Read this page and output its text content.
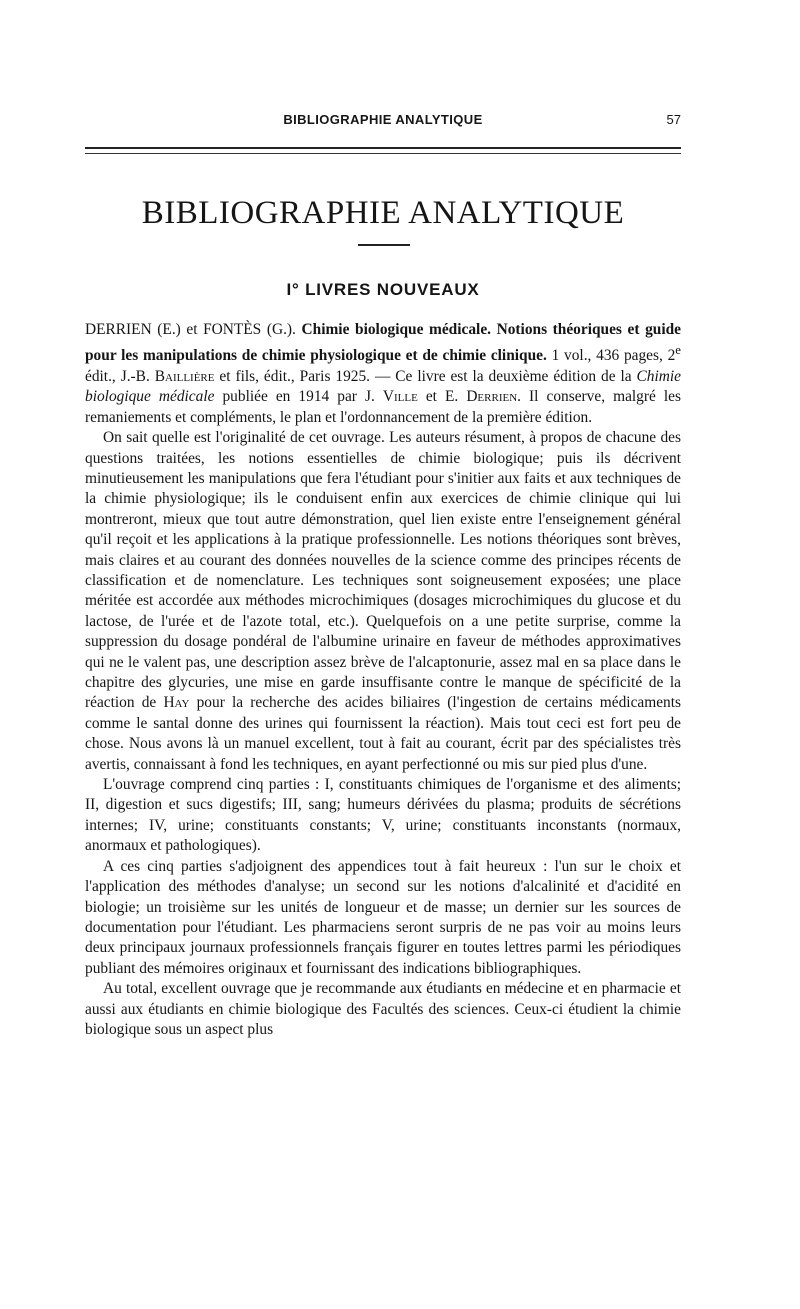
BIBLIOGRAPHIE ANALYTIQUE	57
BIBLIOGRAPHIE ANALYTIQUE
I° LIVRES NOUVEAUX

DERRIEN (E.) et FONTÈS (G.). Chimie biologique médicale. Notions théoriques et guide pour les manipulations de chimie physiologique et de chimie clinique. 1 vol., 436 pages, 2e édit., J.-B. Baillière et fils, édit., Paris 1925. — Ce livre est la deuxième édition de la Chimie biologique médicale publiée en 1914 par J. Ville et E. Derrien. Il conserve, malgré les remaniements et compléments, le plan et l'ordonnancement de la première édition.

On sait quelle est l'originalité de cet ouvrage. Les auteurs résument, à propos de chacune des questions traitées, les notions essentielles de chimie biologique; puis ils décrivent minutieusement les manipulations que fera l'étudiant pour s'initier aux faits et aux techniques de la chimie physiologique; ils le conduisent enfin aux exercices de chimie clinique qui lui montreront, mieux que tout autre démonstration, quel lien existe entre l'enseignement général qu'il reçoit et les applications à la pratique professionnelle. Les notions théoriques sont brèves, mais claires et au courant des données nouvelles de la science comme des principes récents de classification et de nomenclature. Les techniques sont soigneusement exposées; une place méritée est accordée aux méthodes microchimiques (dosages microchimiques du glucose et du lactose, de l'urée et de l'azote total, etc.). Quelquefois on a une petite surprise, comme la suppression du dosage pondéral de l'albumine urinaire en faveur de méthodes approximatives qui ne le valent pas, une description assez brève de l'alcaptonurie, assez mal en sa place dans le chapitre des glycuries, une mise en garde insuffisante contre le manque de spécificité de la réaction de Hay pour la recherche des acides biliaires (l'ingestion de certains médicaments comme le santal donne des urines qui fournissent la réaction). Mais tout ceci est fort peu de chose. Nous avons là un manuel excellent, tout à fait au courant, écrit par des spécialistes très avertis, connaissant à fond les techniques, en ayant perfectionné ou mis sur pied plus d'une.

L'ouvrage comprend cinq parties : I, constituants chimiques de l'organisme et des aliments; II, digestion et sucs digestifs; III, sang; humeurs dérivées du plasma; produits de sécrétions internes; IV, urine; constituants constants; V, urine; constituants inconstants (normaux, anormaux et pathologiques).

A ces cinq parties s'adjoignent des appendices tout à fait heureux : l'un sur le choix et l'application des méthodes d'analyse; un second sur les notions d'alcalinité et d'acidité en biologie; un troisième sur les unités de longueur et de masse; un dernier sur les sources de documentation pour l'étudiant. Les pharmaciens seront surpris de ne pas voir au moins leurs deux principaux journaux professionnels français figurer en toutes lettres parmi les périodiques publiant des mémoires originaux et fournissant des indications bibliographiques.

Au total, excellent ouvrage que je recommande aux étudiants en médecine et en pharmacie et aussi aux étudiants en chimie biologique des Facultés des sciences. Ceux-ci étudient la chimie biologique sous un aspect plus
